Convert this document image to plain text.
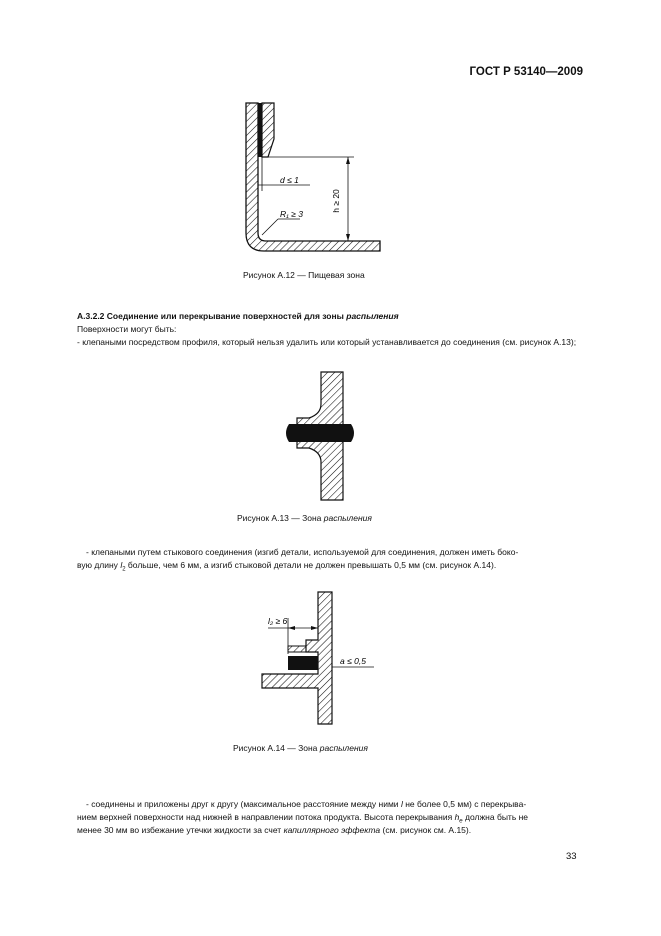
ГОСТ Р 53140—2009
h ≥ 20
d ≤ 1
R₁ ≥ 3
Рисунок А.12 — Пищевая зона
А.3.2.2 Соединение или перекрывание поверхностей для зоны распыления
Поверхности могут быть:
- клепаными посредством профиля, который нельзя удалить или который устанавливается до соединения (см. рисунок А.13);
Рисунок А.13 — Зона распыления
- клепаными путем стыкового соединения (изгиб детали, используемой для соединения, должен иметь боко-
вую длину $l_2$ больше, чем 6 мм, а изгиб стыковой детали не должен превышать 0,5 мм (см. рисунок А.14).
l₂ ≥ 6
a ≤ 0,5
Рисунок А.14 — Зона распыления
- соединены и приложены друг к другу (максимальное расстояние между ними l не более 0,5 мм) с перекрыва-
нием верхней поверхности над нижней в направлении потока продукта. Высота перекрывания $h_e$ должна быть не
менее 30 мм во избежание утечки жидкости за счет капиллярного эффекта (см. рисунок см. А.15).
33
